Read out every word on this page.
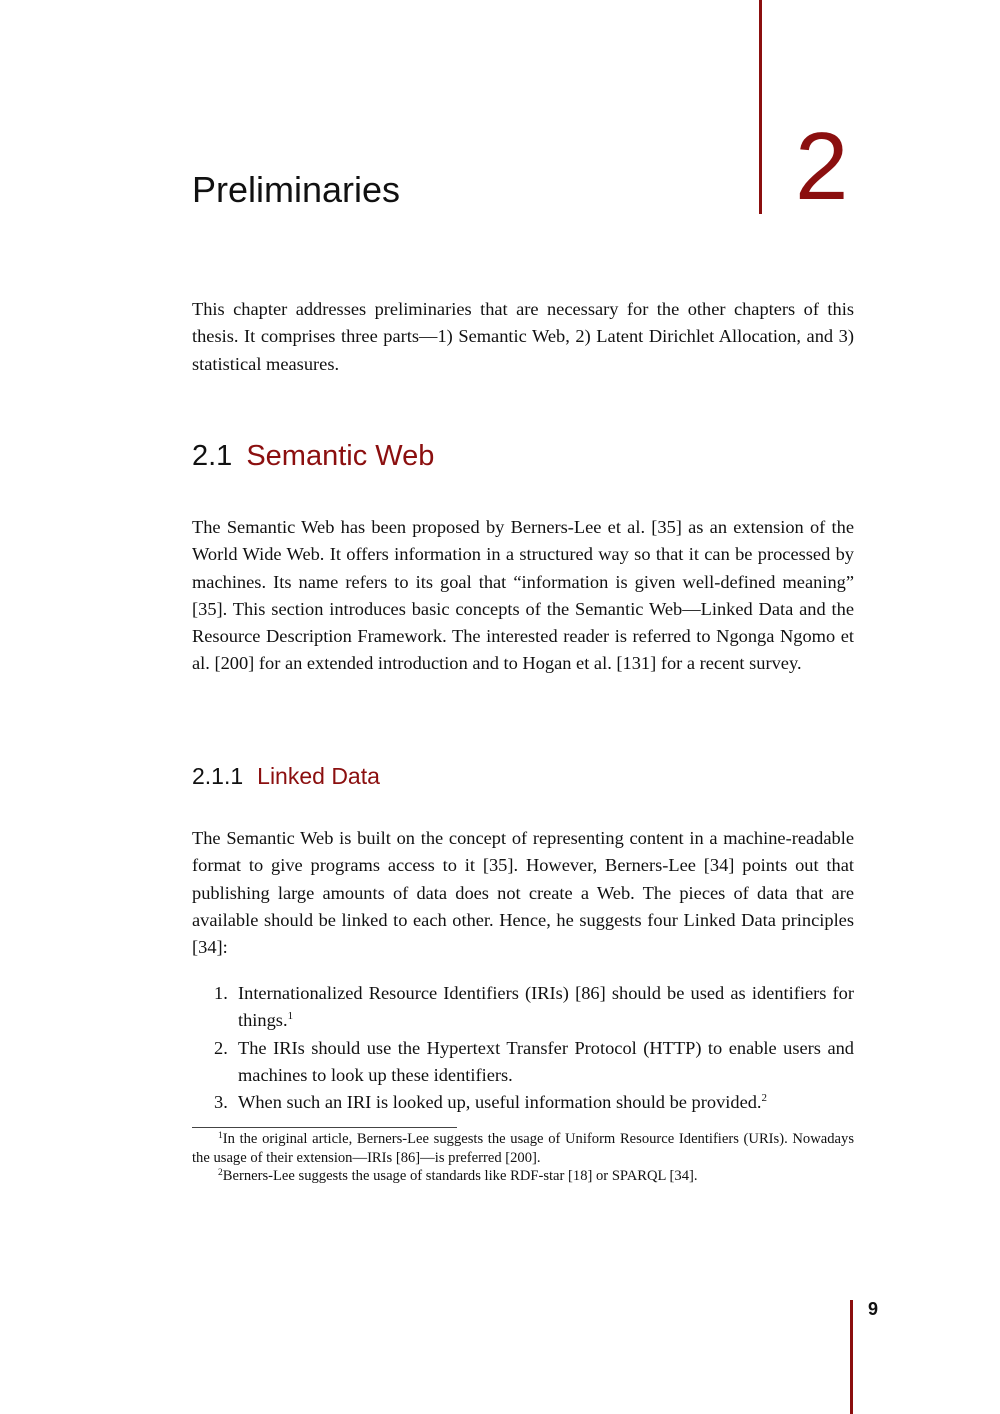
2
Preliminaries

This chapter addresses preliminaries that are necessary for the other chapters of this thesis. It comprises three parts—1) Semantic Web, 2) Latent Dirichlet Allocation, and 3) statistical measures.

2.1 Semantic Web

The Semantic Web has been proposed by Berners-Lee et al. [35] as an extension of the World Wide Web. It offers information in a structured way so that it can be processed by machines. Its name refers to its goal that “information is given well-defined meaning” [35]. This section introduces basic concepts of the Semantic Web—Linked Data and the Resource Description Framework. The interested reader is referred to Ngonga Ngomo et al. [200] for an extended introduction and to Hogan et al. [131] for a recent survey.

2.1.1 Linked Data

The Semantic Web is built on the concept of representing content in a machine-readable format to give programs access to it [35]. However, Berners-Lee [34] points out that publishing large amounts of data does not create a Web. The pieces of data that are available should be linked to each other. Hence, he suggests four Linked Data principles [34]:

1. Internationalized Resource Identifiers (IRIs) [86] should be used as identifiers for things.$^1$
2. The IRIs should use the Hypertext Transfer Protocol (HTTP) to enable users and machines to look up these identifiers.
3. When such an IRI is looked up, useful information should be provided.$^2$

$^1$In the original article, Berners-Lee suggests the usage of Uniform Resource Identifiers (URIs). Nowadays the usage of their extension—IRIs [86]—is preferred [200].

$^2$Berners-Lee suggests the usage of standards like RDF-star [18] or SPARQL [34].

9
